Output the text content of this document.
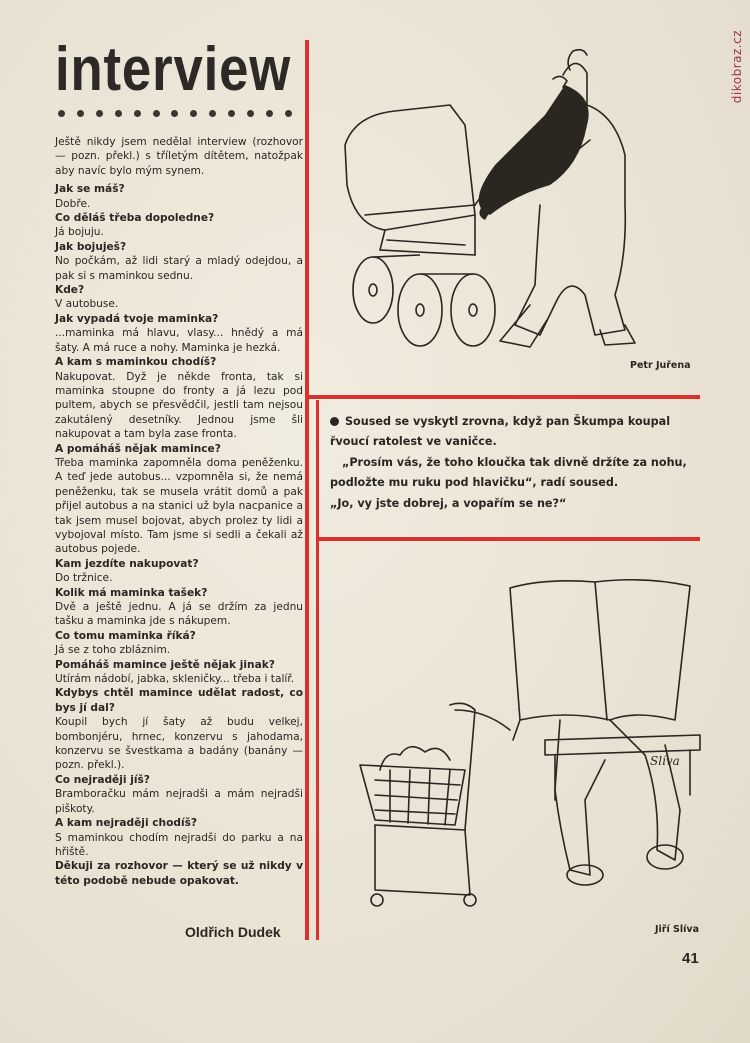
dikobraz.cz
interview

Ještě nikdy jsem nedělal interview (rozhovor — pozn. překl.) s tříletým dítětem, natožpak aby navíc bylo mým synem.

Jak se máš?

Dobře.

Co děláš třeba dopoledne?

Já bojuju.

Jak bojuješ?

No počkám, až lidi starý a mladý odejdou, a pak si s maminkou sednu.

Kde?

V autobuse.

Jak vypadá tvoje maminka?

...maminka má hlavu, vlasy... hnědý a má šaty. A má ruce a nohy. Maminka je hezká.

A kam s maminkou chodíš?

Nakupovat. Dyž je někde fronta, tak si maminka stoupne do fronty a já lezu pod pultem, abych se přesvědčil, jestli tam nejsou zakutálený desetníky. Jednou jsme šli nakupovat a tam byla zase fronta.

A pomáháš nějak mamince?

Třeba maminka zapomněla doma peněženku. A teď jede autobus... vzpomněla si, že nemá peněženku, tak se musela vrátit domů a pak přijel autobus a na stanici už byla nacpanice a tak jsem musel bojovat, abych prolez ty lidi a vybojoval místo. Tam jsme si sedli a čekali až autobus pojede.

Kam jezdíte nakupovat?

Do tržnice.

Kolik má maminka tašek?

Dvě a ještě jednu. A já se držím za jednu tašku a maminka jde s nákupem.

Co tomu maminka říká?

Já se z toho zbláznim.

Pomáháš mamince ještě nějak jinak?

Utírám nádobí, jabka, skleničky... třeba i talíř.

Kdybys chtěl mamince udělat radost, co bys jí dal?

Koupil bych jí šaty až budu velkej, bombonjéru, hrnec, konzervu s jahodama, konzervu se švestkama a badány (banány — pozn. překl.).

Co nejraději jíš?

Bramboračku mám nejradši a mám nejradši piškoty.

A kam nejraději chodíš?

S maminkou chodím nejradši do parku a na hřiště.

Děkuji za rozhovor — který se už nikdy v této podobě nebude opakovat.

Oldřich Dudek
Petr Juřena

Soused se vyskytl zrovna, když pan Škumpa koupal řvoucí ratolest ve vaničce.

„Prosím vás, že toho kloučka tak divně držíte za nohu, podložte mu ruku pod hlavičku“, radí soused.

„Jo, vy jste dobrej, a vopařím se ne?“

Slíva
Jiří Slíva
41
